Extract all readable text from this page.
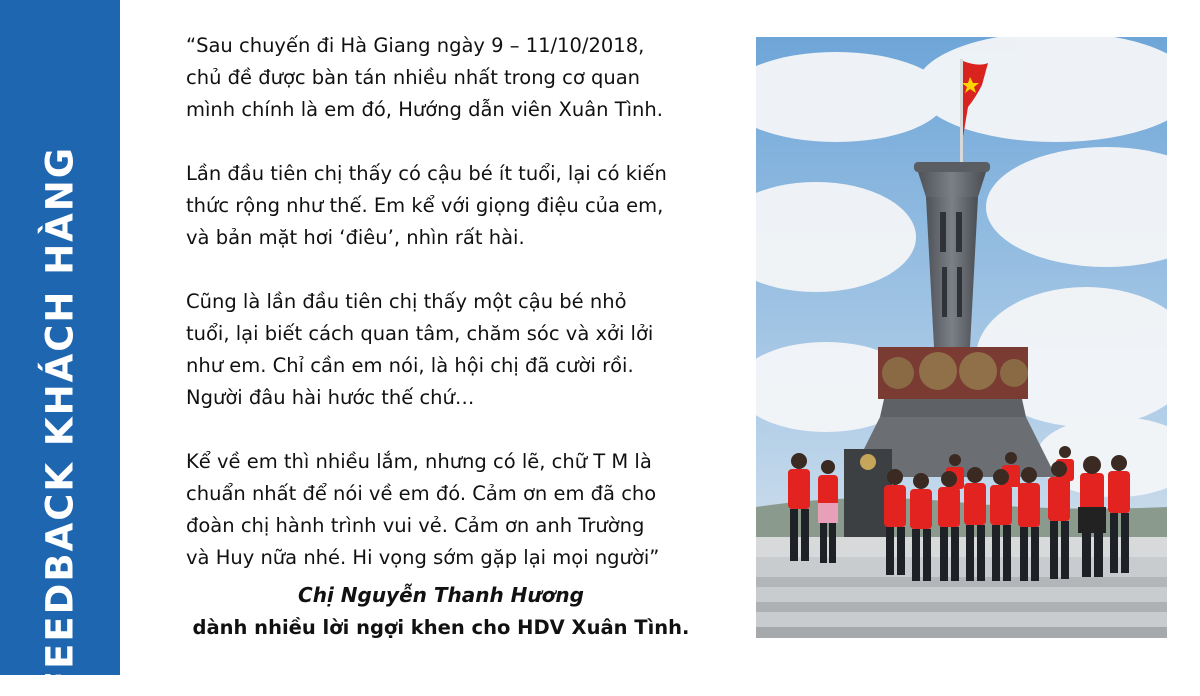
FEEDBACK KHÁCH HÀNG

“Sau chuyến đi Hà Giang ngày 9 – 11/10/2018,
chủ đề được bàn tán nhiều nhất trong cơ quan
mình chính là em đó, Hướng dẫn viên Xuân Tình.

Lần đầu tiên chị thấy có cậu bé ít tuổi, lại có kiến
thức rộng như thế. Em kể với giọng điệu của em,
và bản mặt hơi ‘điêu’, nhìn rất hài.

Cũng là lần đầu tiên chị thấy một cậu bé nhỏ
tuổi, lại biết cách quan tâm, chăm sóc và xởi lởi
như em. Chỉ cần em nói, là hội chị đã cười rồi.
Người đâu hài hước thế chứ…

Kể về em thì nhiều lắm, nhưng có lẽ, chữ T M là
chuẩn nhất để nói về em đó. Cảm ơn em đã cho
đoàn chị hành trình vui vẻ. Cảm ơn anh Trường
và Huy nữa nhé. Hi vọng sớm gặp lại mọi người”

Chị Nguyễn Thanh Hương
dành nhiều lời ngợi khen cho HDV Xuân Tình.
